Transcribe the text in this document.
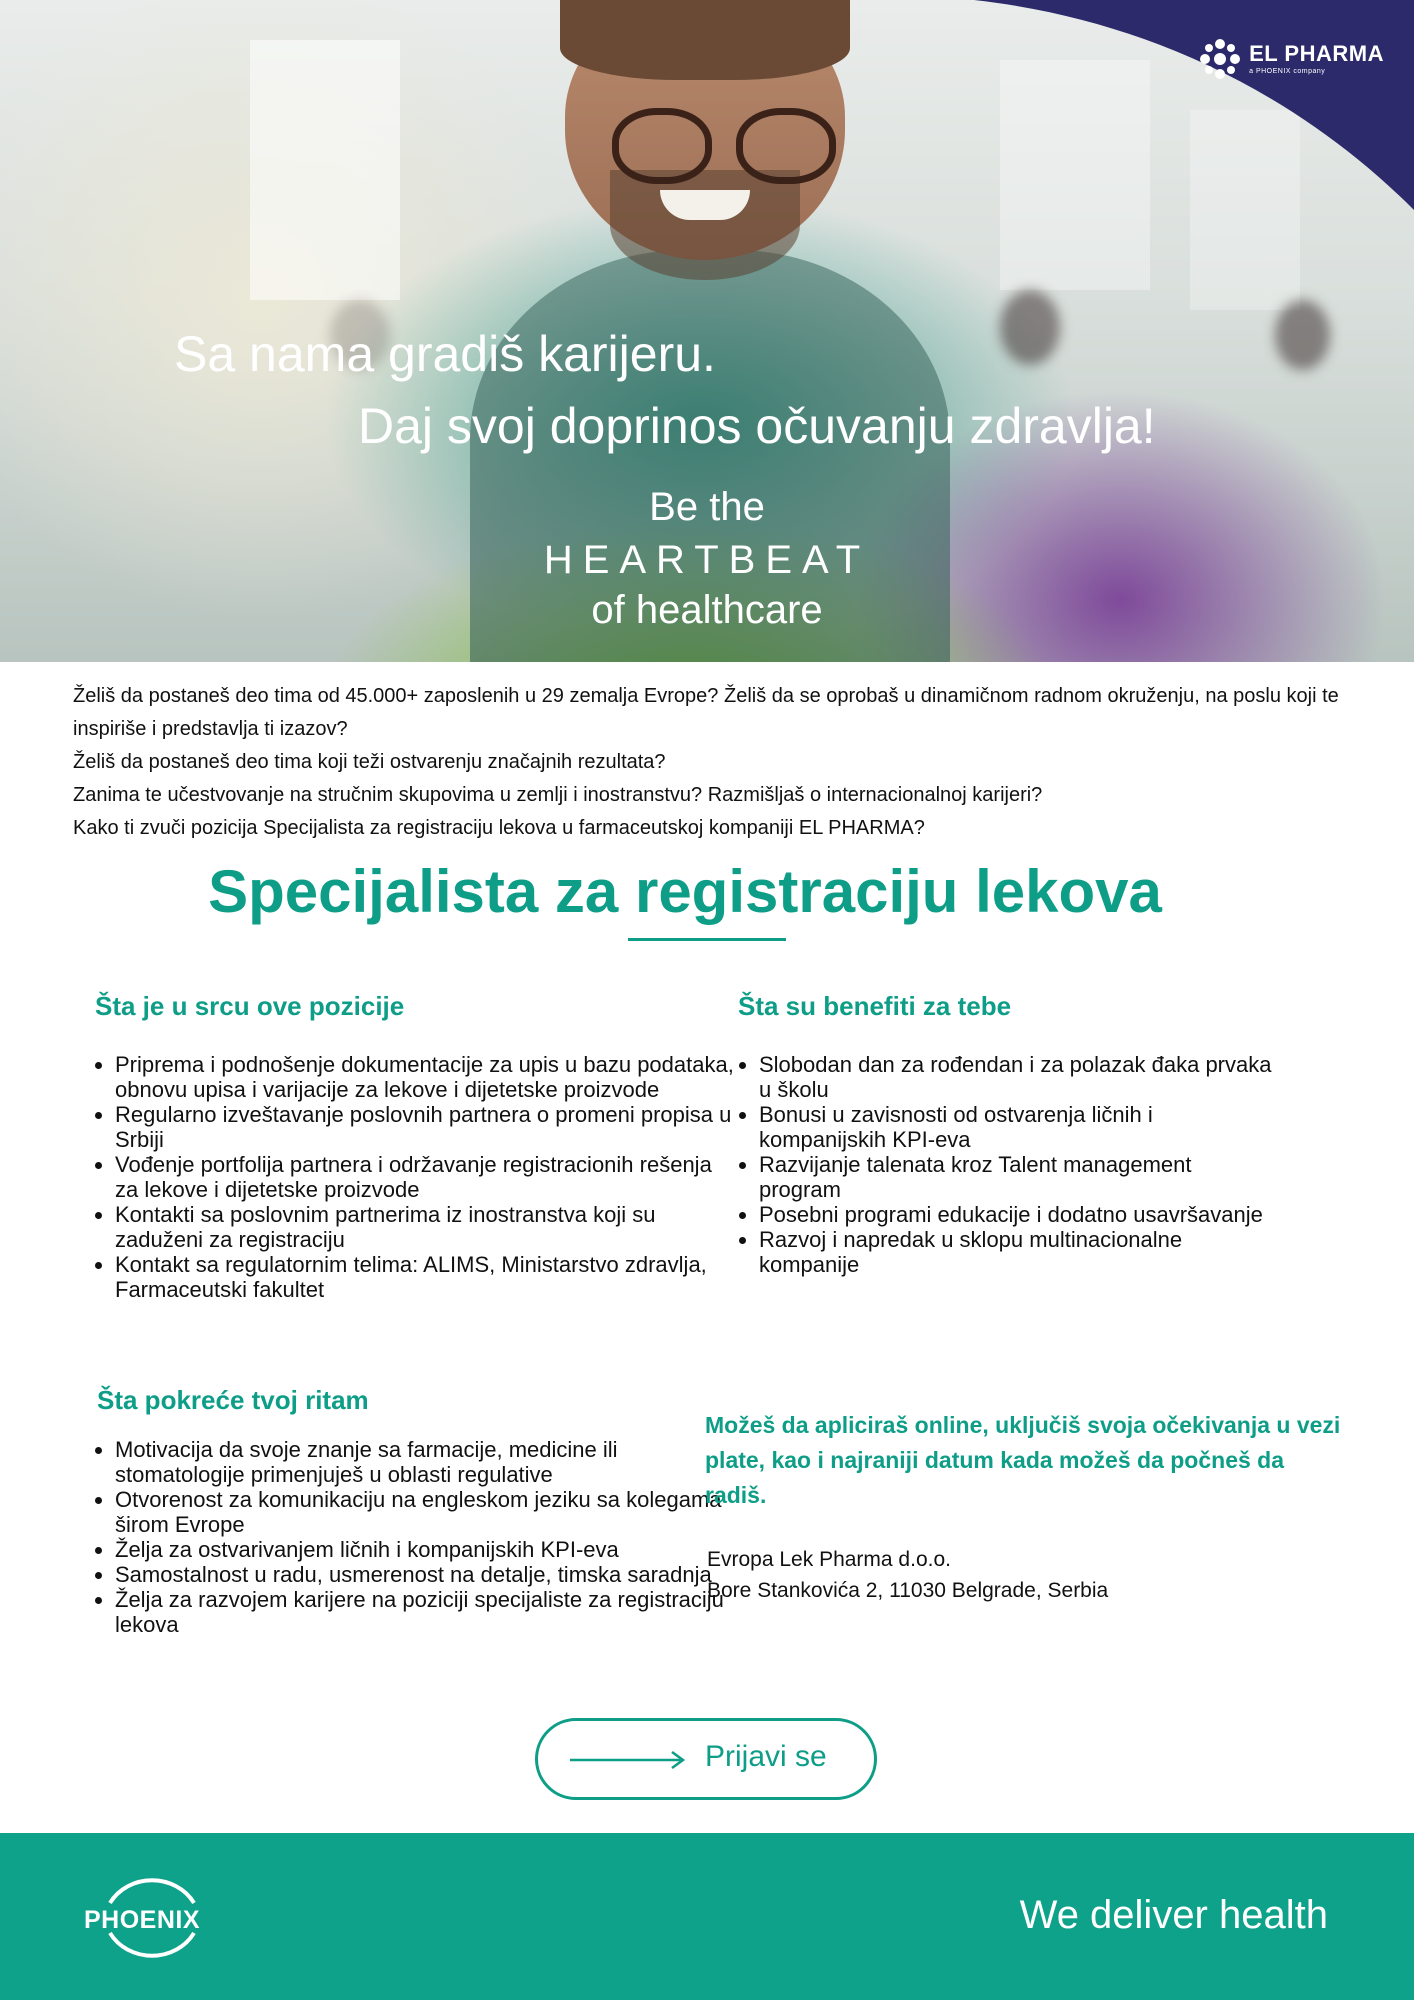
EL PHARMA
a PHOENIX company
Sa nama gradiš karijeru.
Daj svoj doprinos očuvanju zdravlja!
Be the
HEARTBEAT
of healthcare

Želiš da postaneš deo tima od 45.000+ zaposlenih u 29 zemalja Evrope? Želiš da se oprobaš u dinamičnom radnom okruženju, na poslu koji te inspiriše i predstavlja ti izazov?

Želiš da postaneš deo tima koji teži ostvarenju značajnih rezultata?

Zanima te učestvovanje na stručnim skupovima u zemlji i inostranstvu? Razmišljaš o internacionalnoj karijeri?

Kako ti zvuči pozicija Specijalista za registraciju lekova u farmaceutskoj kompaniji EL PHARMA?

Specijalista za registraciju lekova
Šta je u srcu ove pozicije
• Priprema i podnošenje dokumentacije za upis u bazu podataka, obnovu upisa i varijacije za lekove i dijetetske proizvode
• Regularno izveštavanje poslovnih partnera o promeni propisa u Srbiji
• Vođenje portfolija partnera i održavanje registracionih rešenja za lekove i dijetetske proizvode
• Kontakti sa poslovnim partnerima iz inostranstva koji su zaduženi za registraciju
• Kontakt sa regulatornim telima: ALIMS, Ministarstvo zdravlja, Farmaceutski fakultet
Šta su benefiti za tebe
• Slobodan dan za rođendan i za polazak đaka prvaka u školu
• Bonusi u zavisnosti od ostvarenja ličnih i kompanijskih KPI-eva
• Razvijanje talenata kroz Talent management program
• Posebni programi edukacije i dodatno usavršavanje
• Razvoj i napredak u sklopu multinacionalne kompanije
Šta pokreće tvoj ritam
• Motivacija da svoje znanje sa farmacije, medicine ili stomatologije primenjuješ u oblasti regulative
• Otvorenost za komunikaciju na engleskom jeziku sa kolegama širom Evrope
• Želja za ostvarivanjem ličnih i kompanijskih KPI-eva
• Samostalnost u radu, usmerenost na detalje, timska saradnja
• Želja za razvojem karijere na poziciji specijaliste za registraciju lekova
Možeš da apliciraš online, uključiš svoja očekivanja u vezi plate, kao i najraniji datum kada možeš da počneš da radiš.
Evropa Lek Pharma d.o.o.
Bore Stankovića 2, 11030 Belgrade, Serbia
Prijavi se
PHOENIX	We deliver health
